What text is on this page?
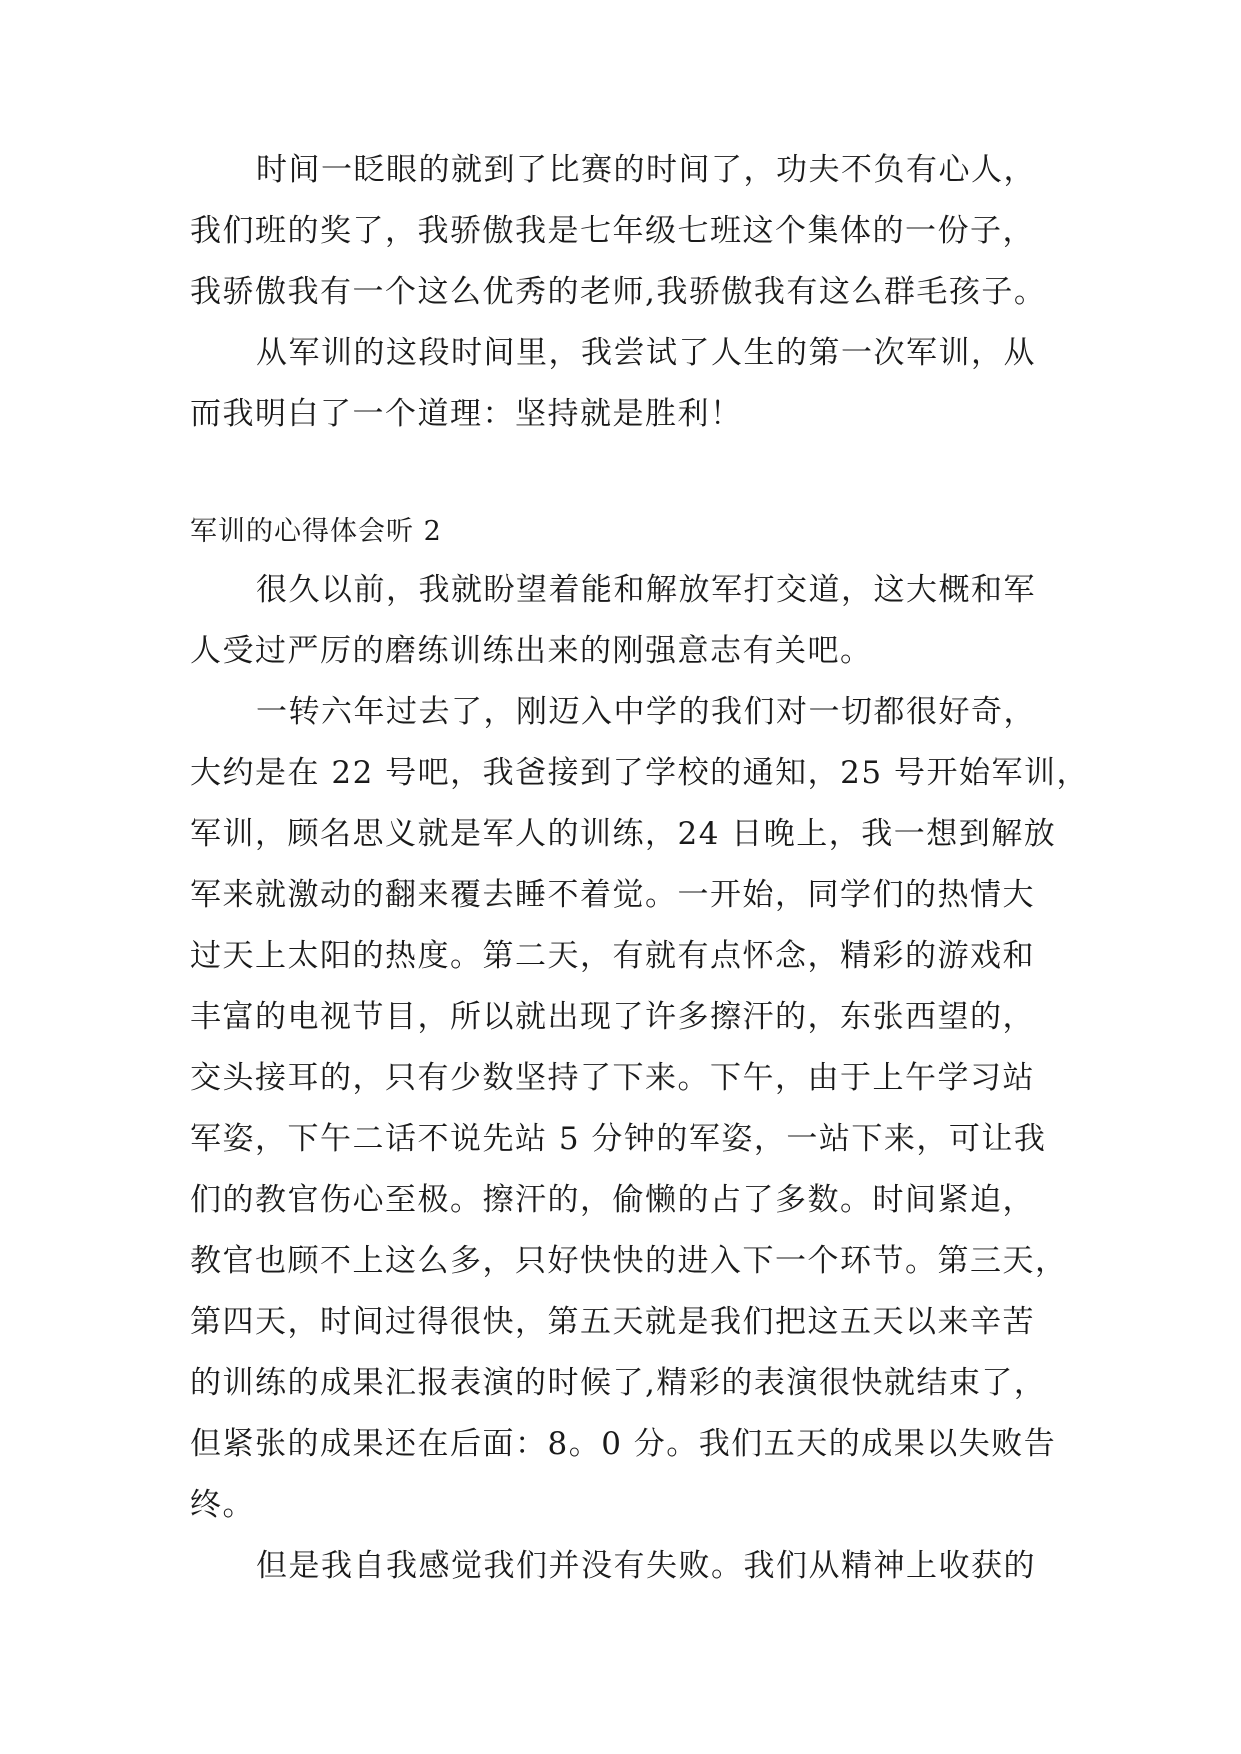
时间一眨眼的就到了比赛的时间了，功夫不负有心人，
我们班的奖了，我骄傲我是七年级七班这个集体的一份子，
我骄傲我有一个这么优秀的老师,我骄傲我有这么群毛孩子。
从军训的这段时间里，我尝试了人生的第一次军训，从
而我明白了一个道理：坚持就是胜利！
军训的心得体会听 2
很久以前，我就盼望着能和解放军打交道，这大概和军
人受过严厉的磨练训练出来的刚强意志有关吧。
一转六年过去了，刚迈入中学的我们对一切都很好奇，
大约是在 22 号吧，我爸接到了学校的通知，25 号开始军训，
军训，顾名思义就是军人的训练，24 日晚上，我一想到解放
军来就激动的翻来覆去睡不着觉。一开始，同学们的热情大
过天上太阳的热度。第二天，有就有点怀念，精彩的游戏和
丰富的电视节目，所以就出现了许多擦汗的，东张西望的，
交头接耳的，只有少数坚持了下来。下午，由于上午学习站
军姿，下午二话不说先站 5 分钟的军姿，一站下来，可让我
们的教官伤心至极。擦汗的，偷懒的占了多数。时间紧迫，
教官也顾不上这么多，只好快快的进入下一个环节。第三天，
第四天，时间过得很快，第五天就是我们把这五天以来辛苦
的训练的成果汇报表演的时候了,精彩的表演很快就结束了，
但紧张的成果还在后面：8。0 分。我们五天的成果以失败告
终。
但是我自我感觉我们并没有失败。我们从精神上收获的
